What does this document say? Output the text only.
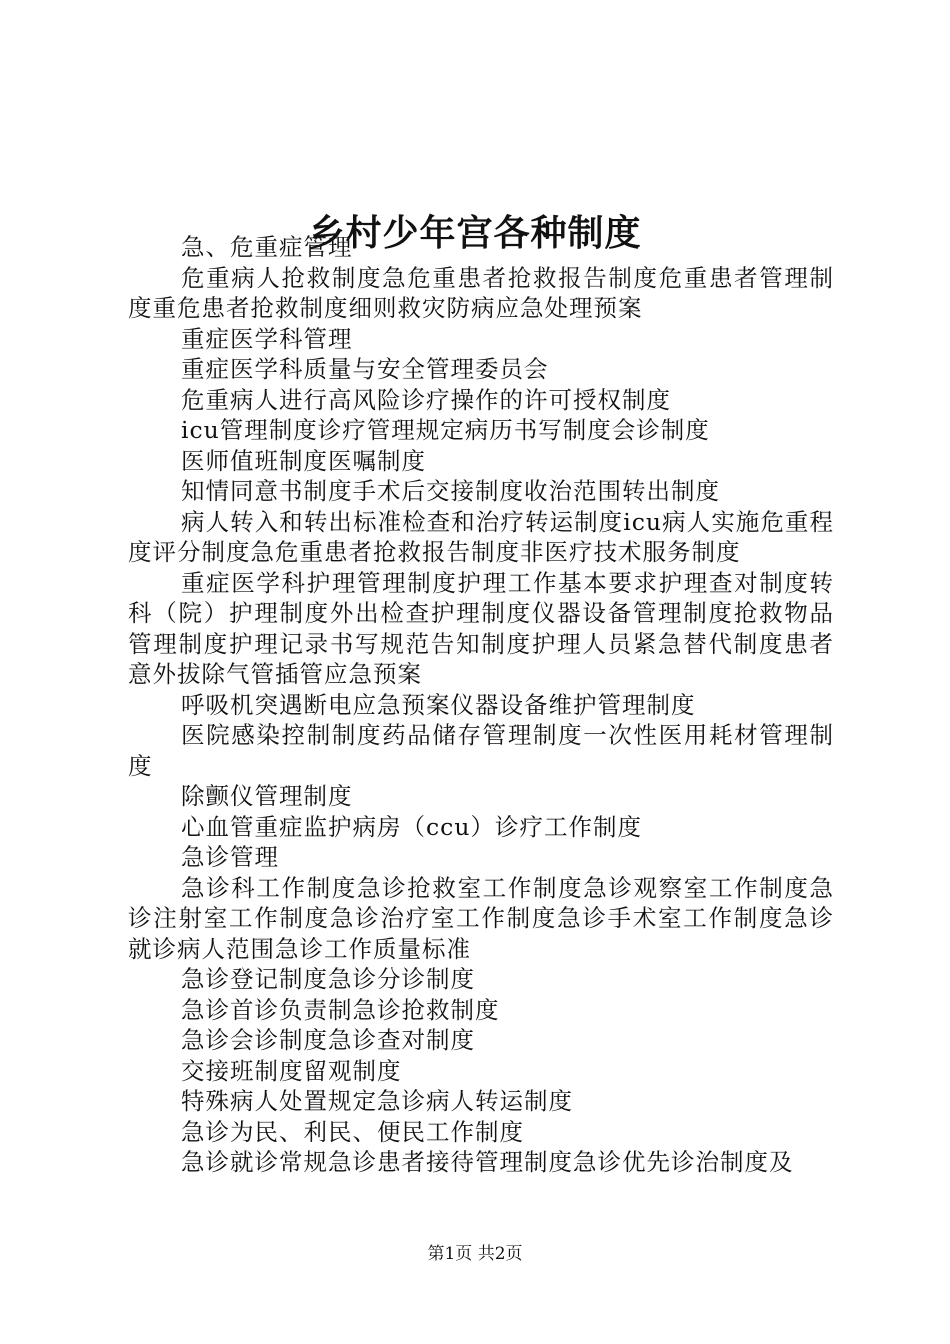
乡村少年宫各种制度

急、危重症管理

危重病人抢救制度急危重患者抢救报告制度危重患者管理制度重危患者抢救制度细则救灾防病应急处理预案

重症医学科管理

重症医学科质量与安全管理委员会

危重病人进行高风险诊疗操作的许可授权制度

icu管理制度诊疗管理规定病历书写制度会诊制度

医师值班制度医嘱制度

知情同意书制度手术后交接制度收治范围转出制度

病人转入和转出标准检查和治疗转运制度icu病人实施危重程度评分制度急危重患者抢救报告制度非医疗技术服务制度

重症医学科护理管理制度护理工作基本要求护理查对制度转科（院）护理制度外出检查护理制度仪器设备管理制度抢救物品管理制度护理记录书写规范告知制度护理人员紧急替代制度患者意外拔除气管插管应急预案

呼吸机突遇断电应急预案仪器设备维护管理制度

医院感染控制制度药品储存管理制度一次性医用耗材管理制度

除颤仪管理制度

心血管重症监护病房（ccu）诊疗工作制度

急诊管理

急诊科工作制度急诊抢救室工作制度急诊观察室工作制度急诊注射室工作制度急诊治疗室工作制度急诊手术室工作制度急诊就诊病人范围急诊工作质量标准

急诊登记制度急诊分诊制度

急诊首诊负责制急诊抢救制度

急诊会诊制度急诊查对制度

交接班制度留观制度

特殊病人处置规定急诊病人转运制度

急诊为民、利民、便民工作制度

急诊就诊常规急诊患者接待管理制度急诊优先诊治制度及

第1页 共2页
